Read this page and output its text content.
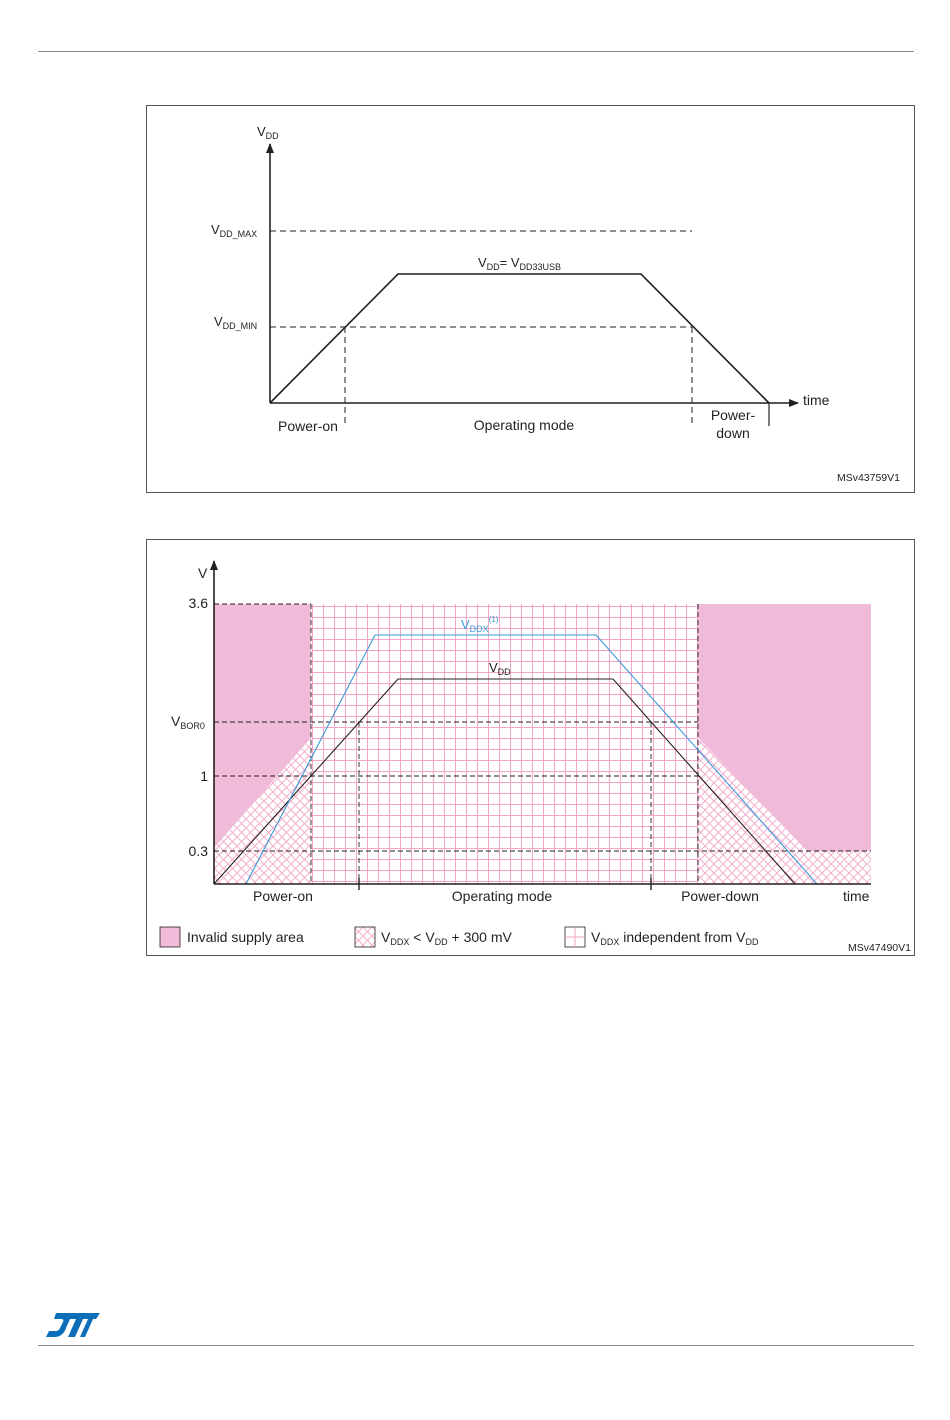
$V_{DD}$
$V_{DD\_MAX}$
$V_{DD\_MIN}$
$V_{DD}= V_{DD33USB}$
time
Power-on	Operating mode
Power-
down
MSv43759V1
V
3.6
$V_{BOR0}$
1
0.3
$V_{DDX}^{(1)}$
$V_{DD}$
Power-on	Operating mode	Power-down	time
Invalid supply area	$V_{DDX} < V_{DD} + 300$ mV	$V_{DDX}$ independent from $V_{DD}$	MSv47490V1
